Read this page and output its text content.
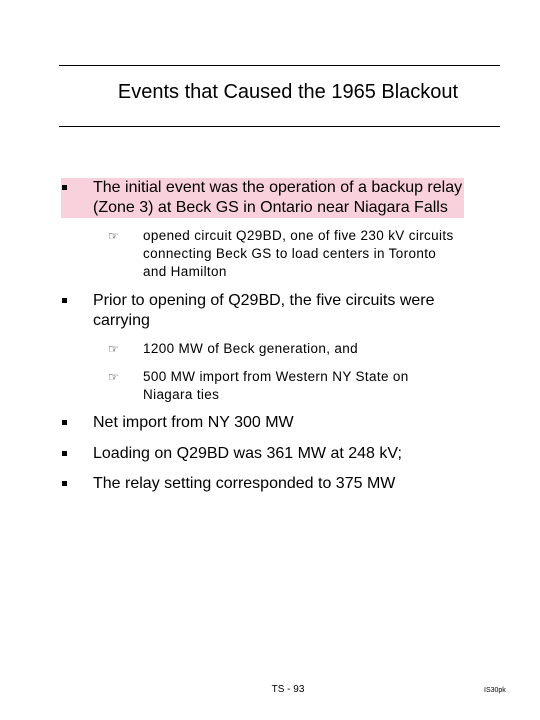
Events that Caused the 1965 Blackout
The initial event was the operation of a backup relay
(Zone 3) at Beck GS in Ontario near Niagara Falls
☞ opened circuit Q29BD, one of five 230 kV circuits
connecting Beck GS to load centers in Toronto
and Hamilton
Prior to opening of Q29BD, the five circuits were
carrying
☞ 1200 MW of Beck generation, and
☞ 500 MW import from Western NY State on
Niagara ties
Net import from NY 300 MW
Loading on Q29BD was 361 MW at 248 kV;
The relay setting corresponded to 375 MW
TS - 93	IS30pk
